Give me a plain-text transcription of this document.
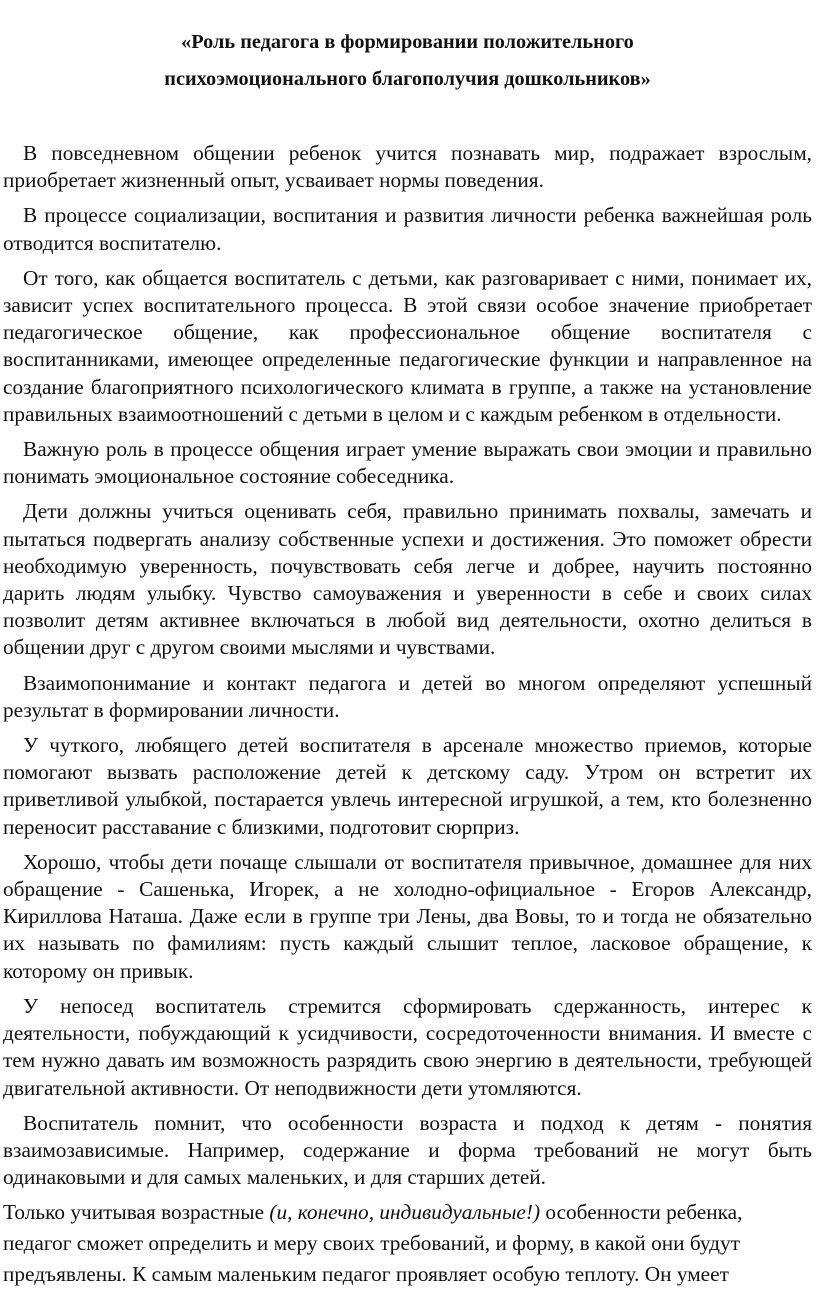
«Роль педагога в формировании положительного
психоэмоционального благополучия дошкольников»

В повседневном общении ребенок учится познавать мир, подражает взрослым, приобретает жизненный опыт, усваивает нормы поведения.

В процессе социализации, воспитания и развития личности ребенка важнейшая роль отводится воспитателю.

От того, как общается воспитатель с детьми, как разговаривает с ними, понимает их, зависит успех воспитательного процесса. В этой связи особое значение приобретает педагогическое общение, как профессиональное общение воспитателя с воспитанниками, имеющее определенные педагогические функции и направленное на создание благоприятного психологического климата в группе, а также на установление правильных взаимоотношений с детьми в целом и с каждым ребенком в отдельности.

Важную роль в процессе общения играет умение выражать свои эмоции и правильно понимать эмоциональное состояние собеседника.

Дети должны учиться оценивать себя, правильно принимать похвалы, замечать и пытаться подвергать анализу собственные успехи и достижения. Это поможет обрести необходимую уверенность, почувствовать себя легче и добрее, научить постоянно дарить людям улыбку. Чувство самоуважения и уверенности в себе и своих силах позволит детям активнее включаться в любой вид деятельности, охотно делиться в общении друг с другом своими мыслями и чувствами.

Взаимопонимание и контакт педагога и детей во многом определяют успешный результат в формировании личности.

У чуткого, любящего детей воспитателя в арсенале множество приемов, которые помогают вызвать расположение детей к детскому саду. Утром он встретит их приветливой улыбкой, постарается увлечь интересной игрушкой, а тем, кто болезненно переносит расставание с близкими, подготовит сюрприз.

Хорошо, чтобы дети почаще слышали от воспитателя привычное, домашнее для них обращение - Сашенька, Игорек, а не холодно-официальное - Егоров Александр, Кириллова Наташа. Даже если в группе три Лены, два Вовы, то и тогда не обязательно их называть по фамилиям: пусть каждый слышит теплое, ласковое обращение, к которому он привык.

У непосед воспитатель стремится сформировать сдержанность, интерес к деятельности, побуждающий к усидчивости, сосредоточенности внимания. И вместе с тем нужно давать им возможность разрядить свою энергию в деятельности, требующей двигательной активности. От неподвижности дети утомляются.

Воспитатель помнит, что особенности возраста и подход к детям - понятия взаимозависимые. Например, содержание и форма требований не могут быть одинаковыми и для самых маленьких, и для старших детей.

Только учитывая возрастные (и, конечно, индивидуальные!) особенности ребенка,
педагог сможет определить и меру своих требований, и форму, в какой они будут
предъявлены. К самым маленьким педагог проявляет особую теплоту. Он умеет
